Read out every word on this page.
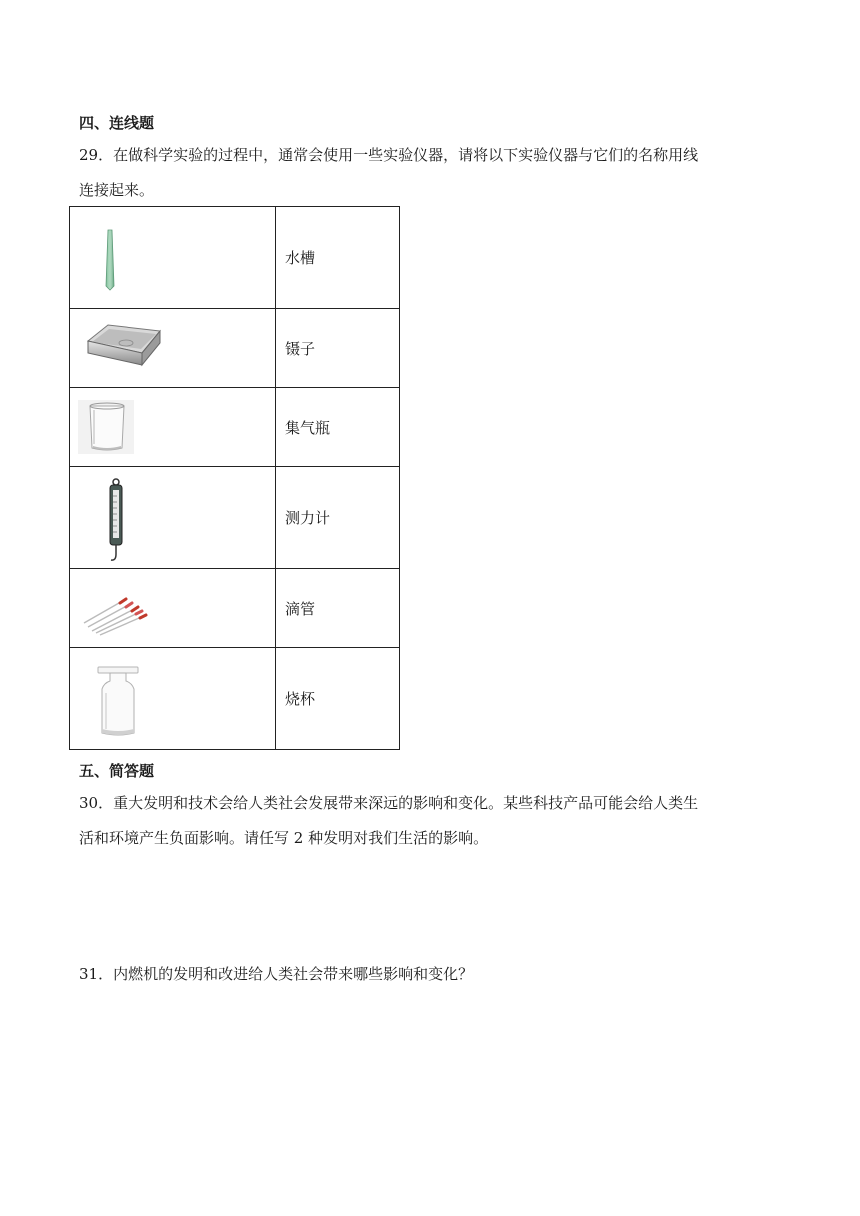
四、连线题
29．在做科学实验的过程中，通常会使用一些实验仪器，请将以下实验仪器与它们的名称用线
连接起来。
	水槽

	镊子

	集气瓶

	测力计

	滴管

	烧杯
五、简答题
30．重大发明和技术会给人类社会发展带来深远的影响和变化。某些科技产品可能会给人类生
活和环境产生负面影响。请任写 2 种发明对我们生活的影响。
31．内燃机的发明和改进给人类社会带来哪些影响和变化？
